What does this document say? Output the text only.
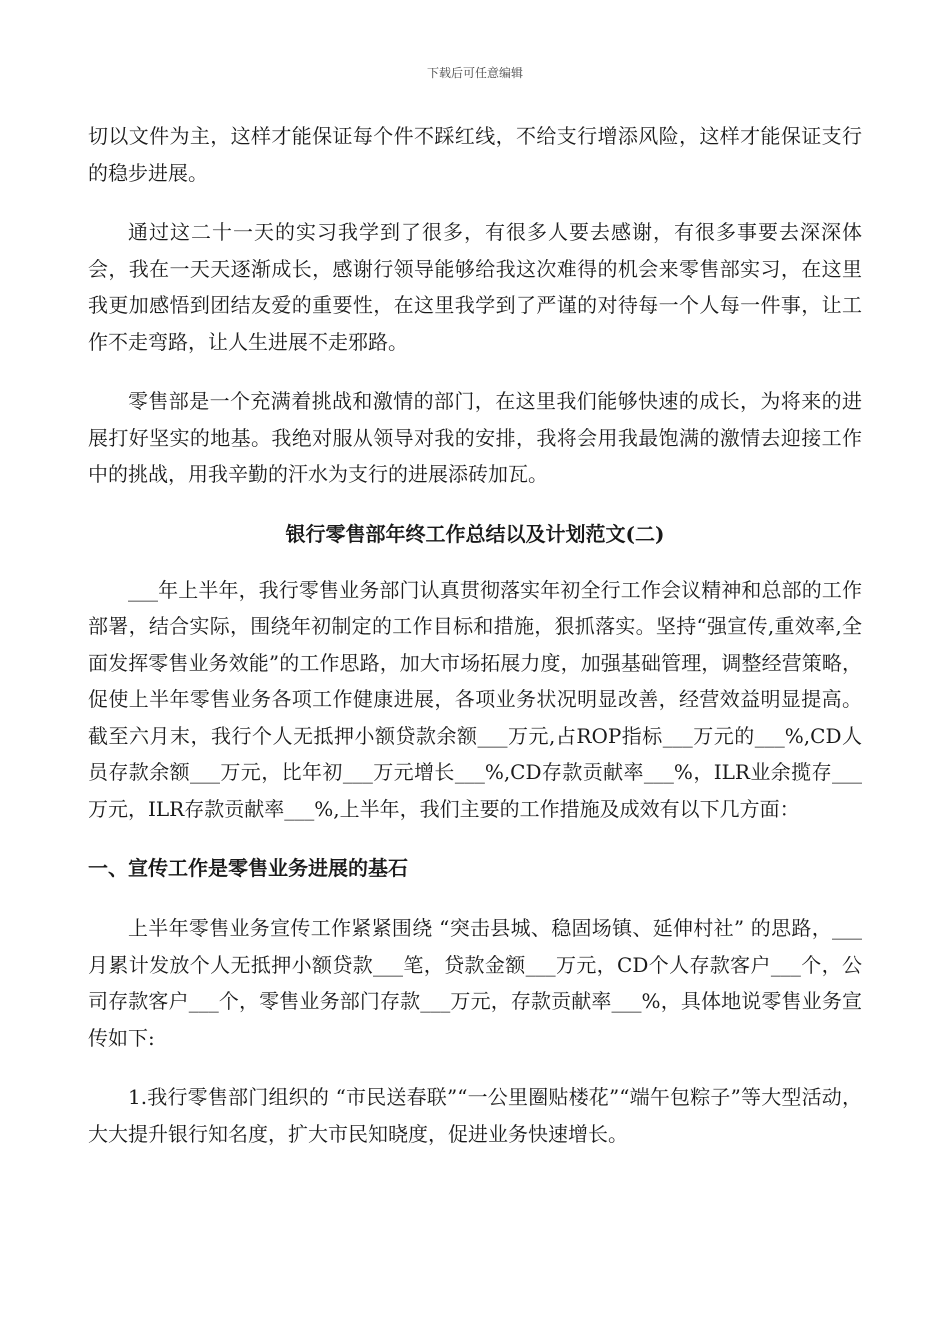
下载后可任意编辑

切以文件为主，这样才能保证每个件不踩红线，不给支行增添风险，这样才能保证支行的稳步进展。

通过这二十一天的实习我学到了很多，有很多人要去感谢，有很多事要去深深体会，我在一天天逐渐成长，感谢行领导能够给我这次难得的机会来零售部实习，在这里我更加感悟到团结友爱的重要性，在这里我学到了严谨的对待每一个人每一件事，让工作不走弯路，让人生进展不走邪路。

零售部是一个充满着挑战和激情的部门，在这里我们能够快速的成长，为将来的进展打好坚实的地基。我绝对服从领导对我的安排，我将会用我最饱满的激情去迎接工作中的挑战，用我辛勤的汗水为支行的进展添砖加瓦。

银行零售部年终工作总结以及计划范文(二)

___年上半年，我行零售业务部门认真贯彻落实年初全行工作会议精神和总部的工作部署，结合实际，围绕年初制定的工作目标和措施，狠抓落实。坚持“强宣传,重效率,全面发挥零售业务效能”的工作思路，加大市场拓展力度，加强基础管理，调整经营策略，促使上半年零售业务各项工作健康进展，各项业务状况明显改善，经营效益明显提高。截至六月末，我行个人无抵押小额贷款余额___万元,占ROP指标___万元的___%,CD人员存款余额___万元，比年初___万元增长___%,CD存款贡献率___%，ILR业余揽存___万元，ILR存款贡献率___%,上半年，我们主要的工作措施及成效有以下几方面：

一、宣传工作是零售业务进展的基石

上半年零售业务宣传工作紧紧围绕 “突击县城、稳固场镇、延伸村社” 的思路，___月累计发放个人无抵押小额贷款___笔，贷款金额___万元，CD个人存款客户___个，公司存款客户___个，零售业务部门存款___万元，存款贡献率___%，具体地说零售业务宣传如下:

1.我行零售部门组织的 “市民送春联”“一公里圈贴楼花”“端午包粽子”等大型活动，大大提升银行知名度，扩大市民知晓度，促进业务快速增长。
